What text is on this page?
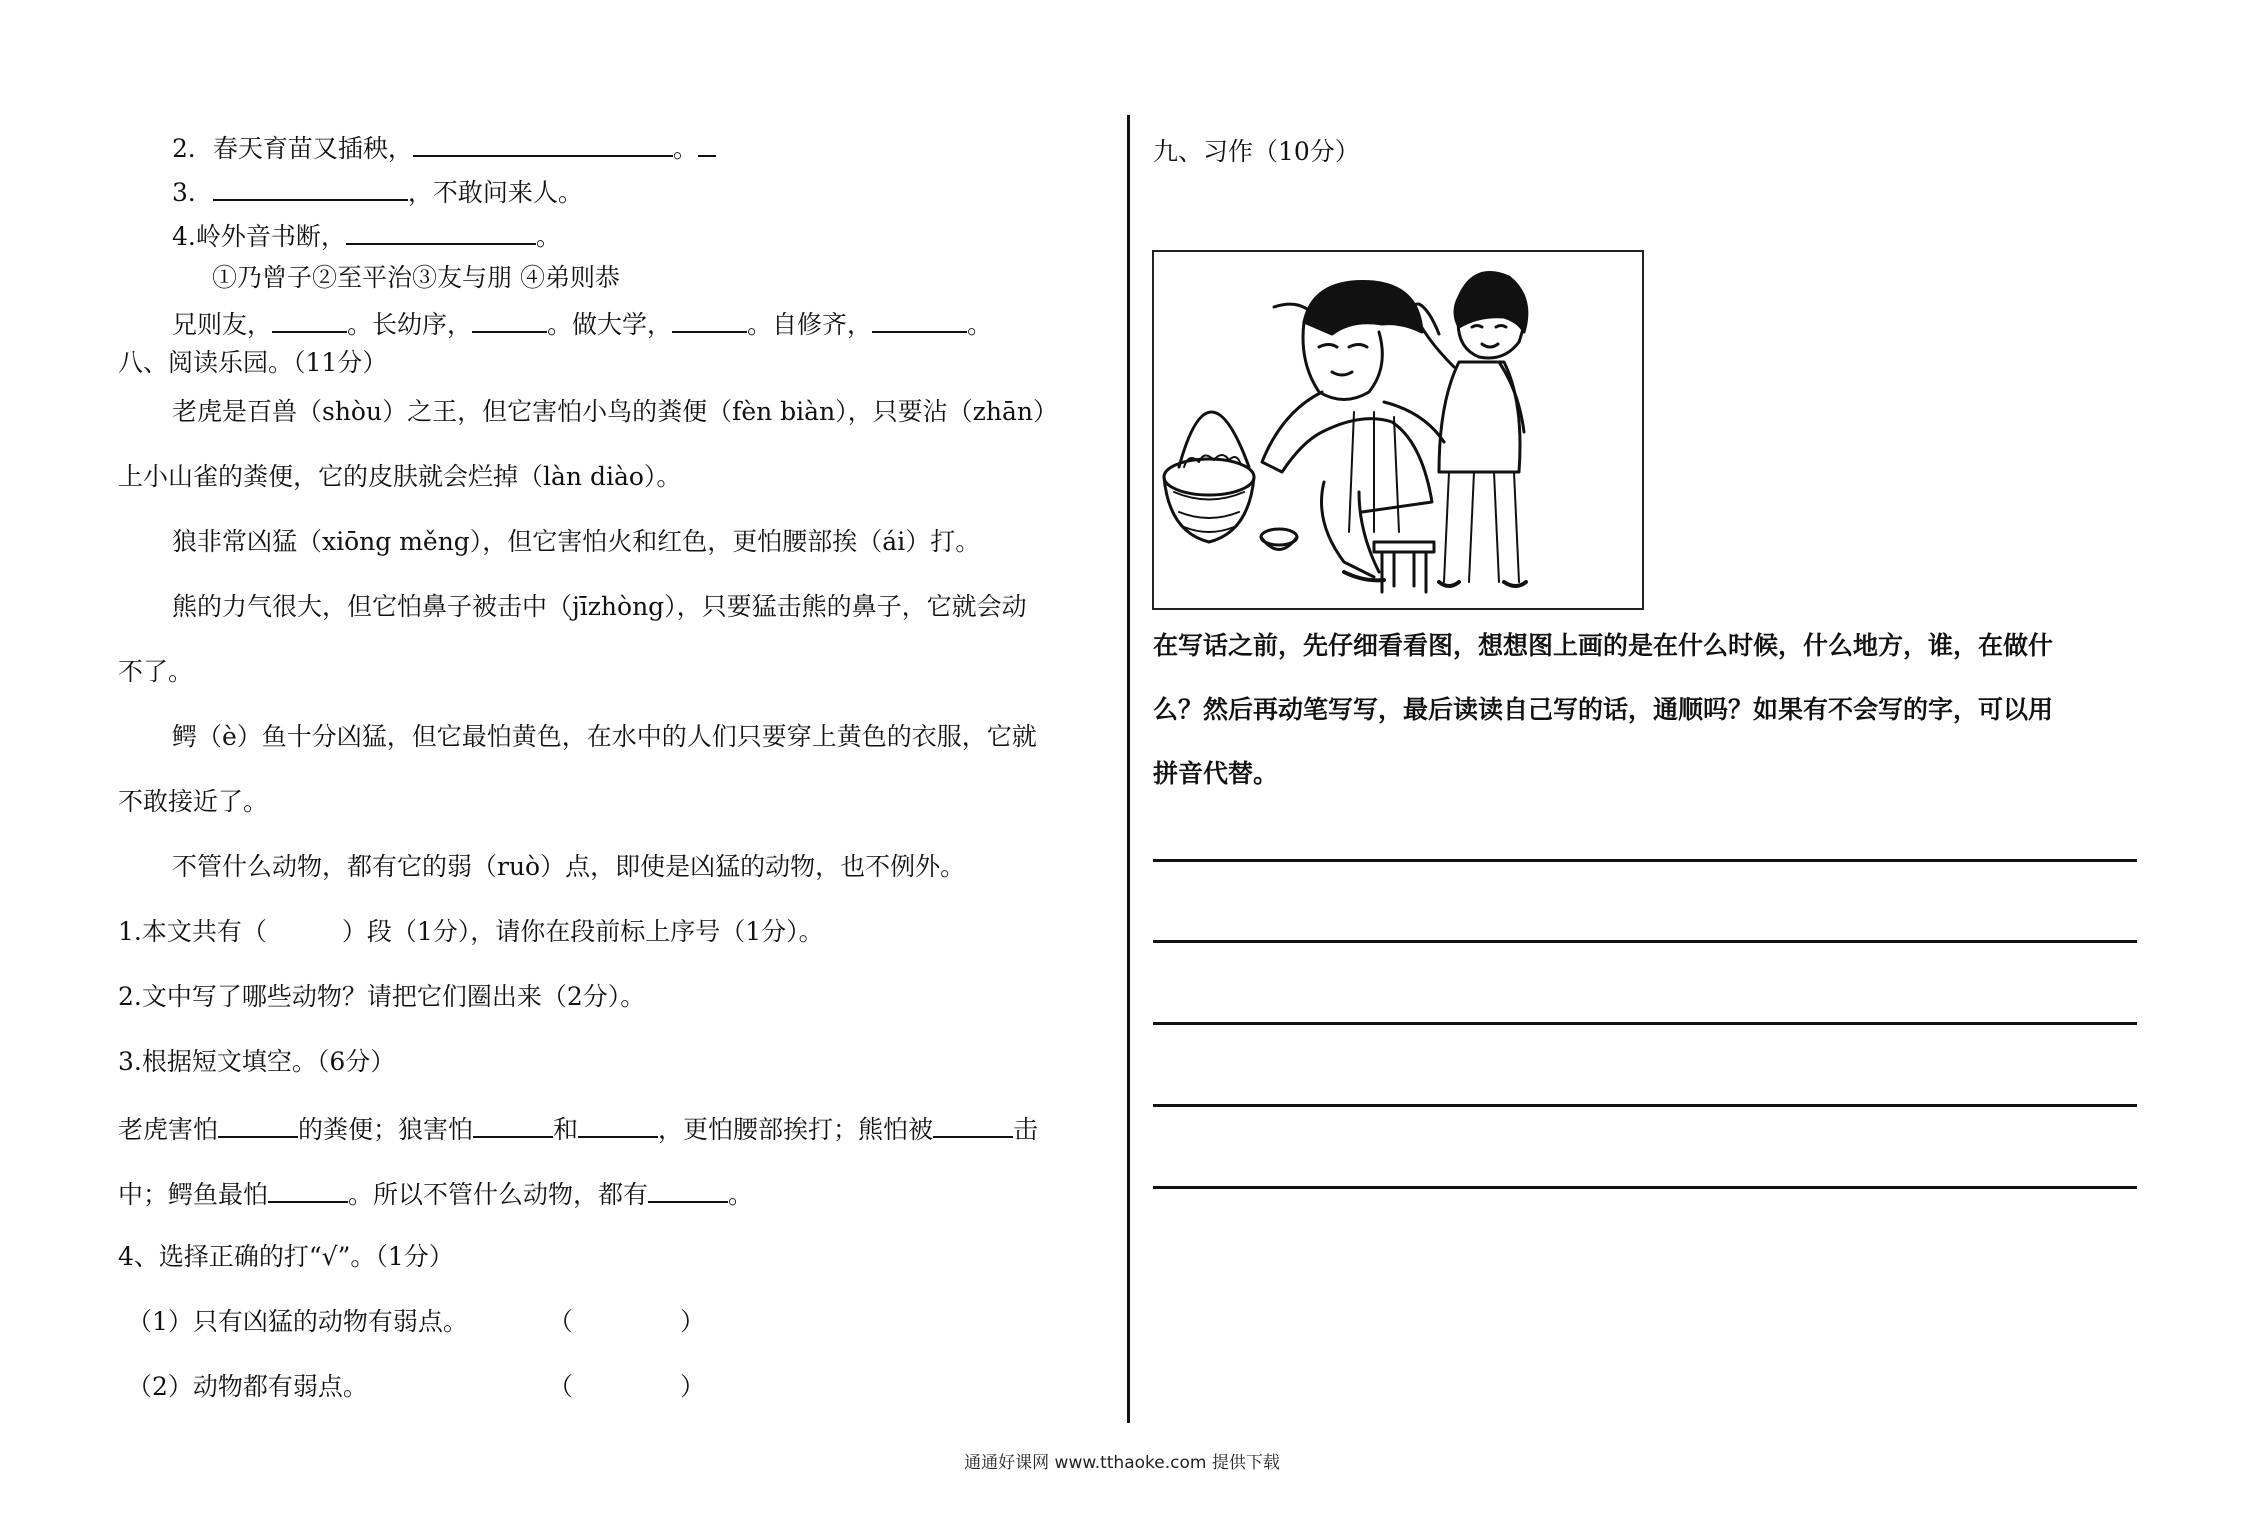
2．春天育苗又插秧，	。
3．	，不敢问来人。
4.岭外音书断，	。
①乃曾子②至平治③友与朋 ④弟则恭
兄则友，	。长幼序，	。做大学，	。自修齐，	。
八、阅读乐园。（11分）
老虎是百兽（shòu）之王，但它害怕小鸟的粪便（fèn biàn），只要沾（zhān）
上小山雀的粪便，它的皮肤就会烂掉（làn diào）。
狼非常凶猛（xiōng měng），但它害怕火和红色，更怕腰部挨（ái）打。
熊的力气很大，但它怕鼻子被击中（jīzhòng），只要猛击熊的鼻子，它就会动
不了。
鳄（è）鱼十分凶猛，但它最怕黄色，在水中的人们只要穿上黄色的衣服，它就
不敢接近了。
不管什么动物，都有它的弱（ruò）点，即使是凶猛的动物，也不例外。
1.本文共有（　　　）段（1分），请你在段前标上序号（1分）。
2.文中写了哪些动物？请把它们圈出来（2分）。
3.根据短文填空。（6分）
老虎害怕	的粪便；狼害怕	和	，更怕腰部挨打；熊怕被	击
中；鳄鱼最怕	。所以不管什么动物，都有	。
4、选择正确的打“√”。（1分）
（1）只有凶猛的动物有弱点。	（	）
（2）动物都有弱点。	（	）
九、习作（10分）
在写话之前，先仔细看看图，想想图上画的是在什么时候，什么地方，谁，在做什
么？然后再动笔写写，最后读读自己写的话，通顺吗？如果有不会写的字，可以用
拼音代替。
通通好课网 www.tthaoke.com 提供下载
